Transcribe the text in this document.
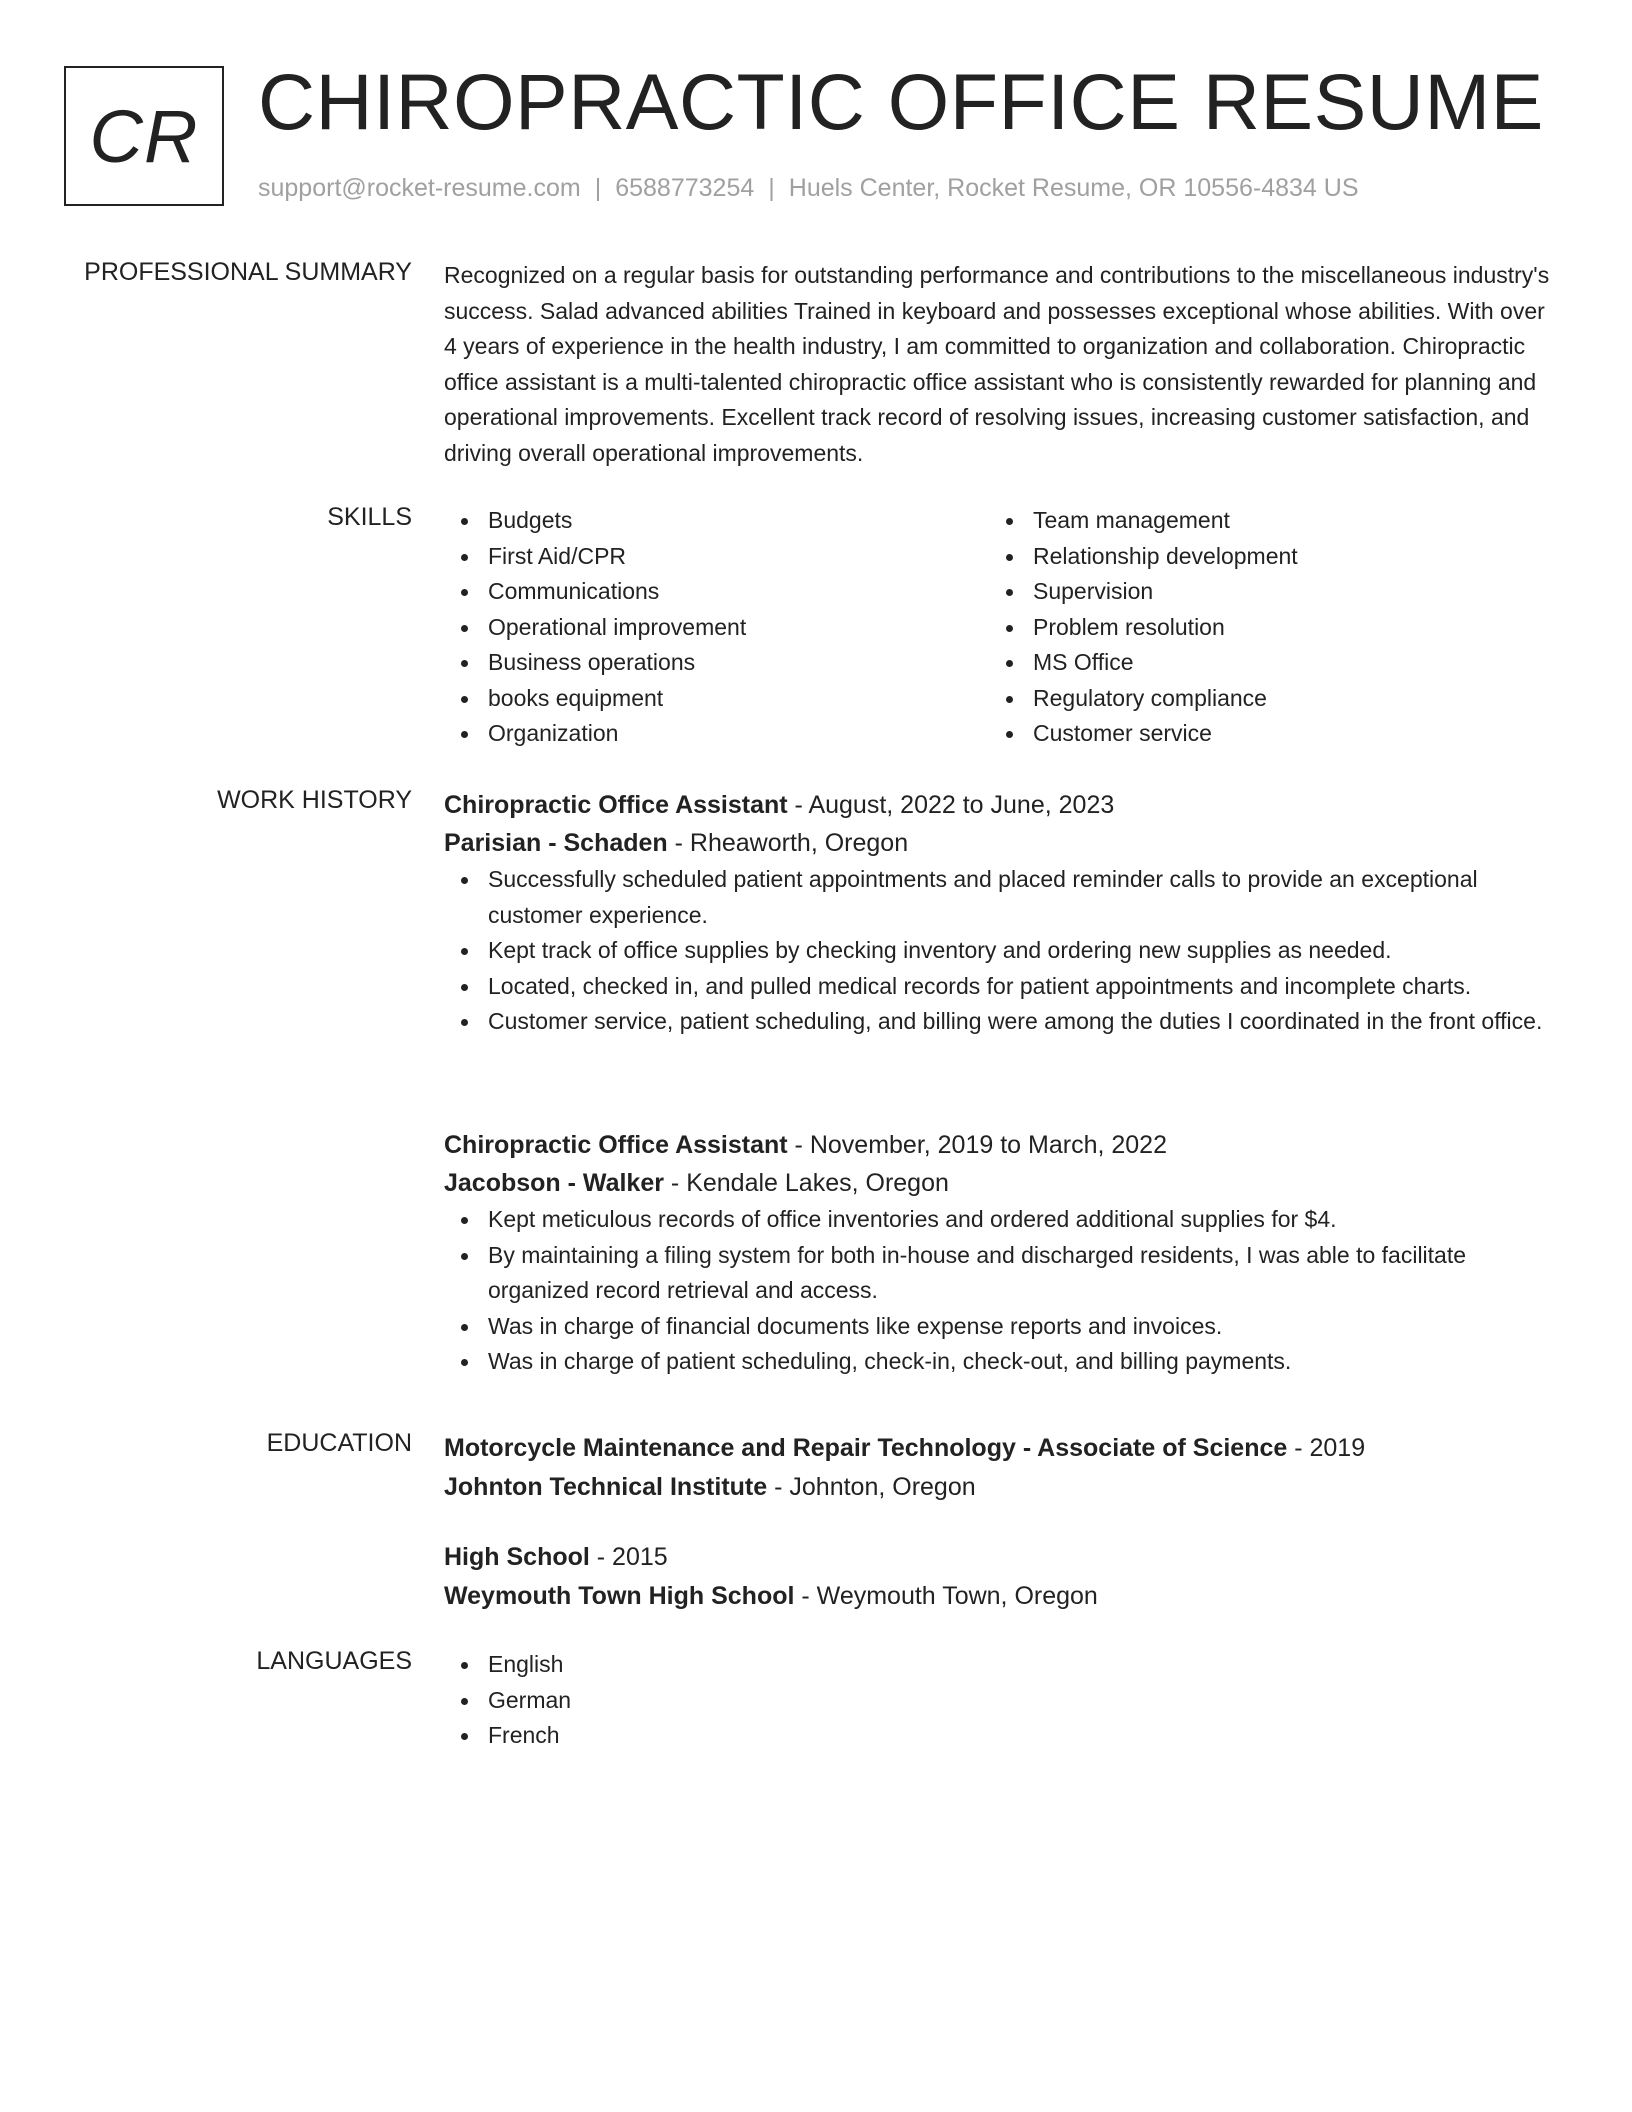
CR CHIROPRACTIC OFFICE RESUME
support@rocket-resume.com | 6588773254 | Huels Center, Rocket Resume, OR 10556-4834 US
PROFESSIONAL SUMMARY Recognized on a regular basis for outstanding performance and contributions to the miscellaneous industry's success. Salad advanced abilities Trained in keyboard and possesses exceptional whose abilities. With over 4 years of experience in the health industry, I am committed to organization and collaboration. Chiropractic office assistant is a multi-talented chiropractic office assistant who is consistently rewarded for planning and operational improvements. Excellent track record of resolving issues, increasing customer satisfaction, and driving overall operational improvements.

SKILLS	Budgets
First Aid/CPR
Communications
Operational improvement
Business operations
books equipment
Organization
Team management
Relationship development
Supervision
Problem resolution
MS Office
Regulatory compliance
Customer service
WORK HISTORY Chiropractic Office Assistant - August, 2022 to June, 2023
Parisian - Schaden - Rheaworth, Oregon
Successfully scheduled patient appointments and placed reminder calls to provide an exceptional customer experience.
Kept track of office supplies by checking inventory and ordering new supplies as needed.
Located, checked in, and pulled medical records for patient appointments and incomplete charts.
Customer service, patient scheduling, and billing were among the duties I coordinated in the front office.
Chiropractic Office Assistant - November, 2019 to March, 2022
Jacobson - Walker - Kendale Lakes, Oregon
Kept meticulous records of office inventories and ordered additional supplies for $4.
By maintaining a filing system for both in-house and discharged residents, I was able to facilitate organized record retrieval and access.
Was in charge of financial documents like expense reports and invoices.
Was in charge of patient scheduling, check-in, check-out, and billing payments.
EDUCATION Motorcycle Maintenance and Repair Technology - Associate of Science - 2019
Johnton Technical Institute - Johnton, Oregon
High School - 2015
Weymouth Town High School - Weymouth Town, Oregon
LANGUAGES	English
German
French
